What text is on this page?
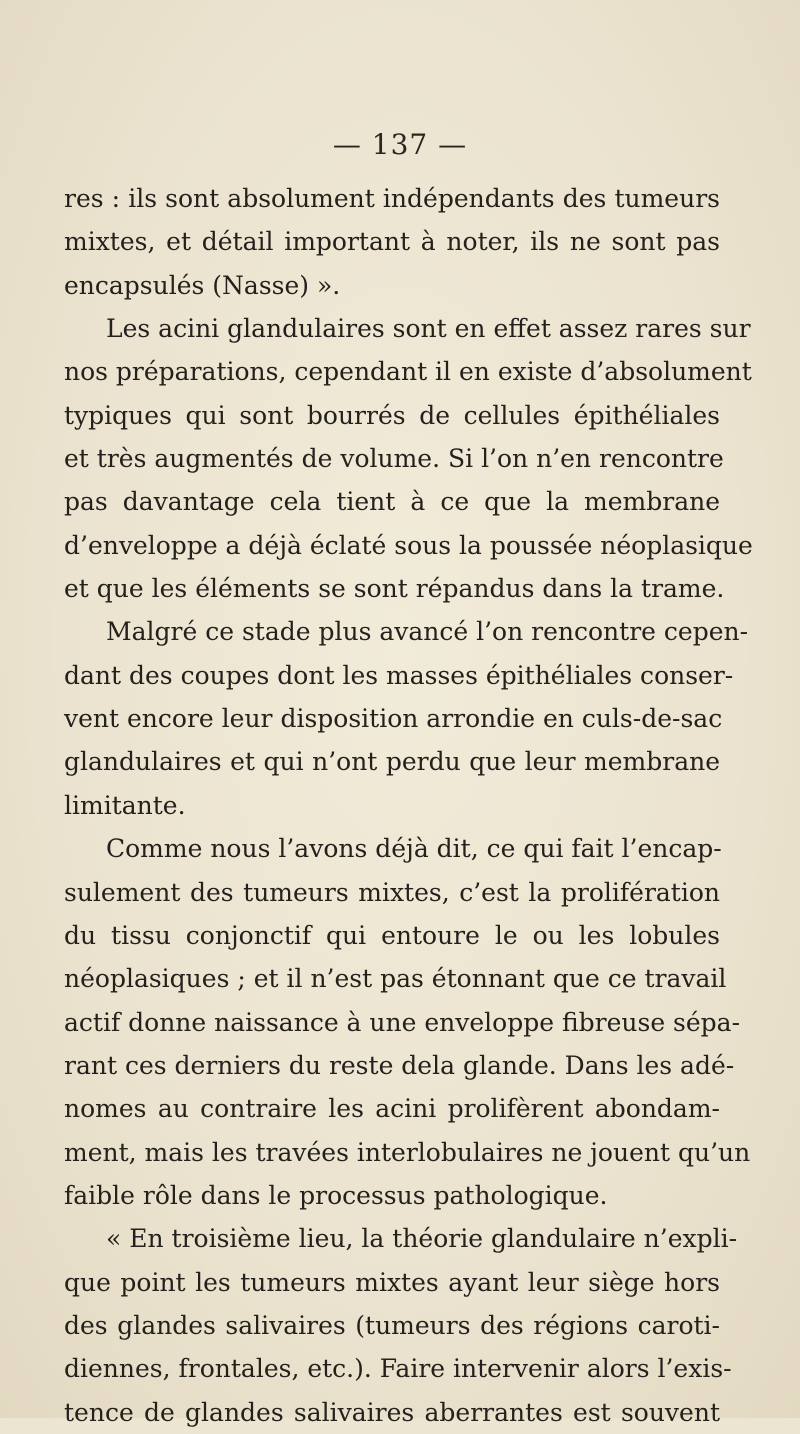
— 137 —
res : ils sont absolument indépendants des tumeurs
mixtes, et détail important à noter, ils ne sont pas
encapsulés (Nasse) ».
Les acini glandulaires sont en effet assez rares sur
nos préparations, cependant il en existe d’absolument
typiques qui sont bourrés de cellules épithéliales
et très augmentés de volume. Si l’on n’en rencontre
pas davantage cela tient à ce que la membrane
d’enveloppe a déjà éclaté sous la poussée néoplasique
et que les éléments se sont répandus dans la trame.
Malgré ce stade plus avancé l’on rencontre cepen-
dant des coupes dont les masses épithéliales conser-
vent encore leur disposition arrondie en culs-de-sac
glandulaires et qui n’ont perdu que leur membrane
limitante.
Comme nous l’avons déjà dit, ce qui fait l’encap-
sulement des tumeurs mixtes, c’est la prolifération
du tissu conjonctif qui entoure le ou les lobules
néoplasiques ; et il n’est pas étonnant que ce travail
actif donne naissance à une enveloppe fibreuse sépa-
rant ces derniers du reste dela glande. Dans les adé-
nomes au contraire les acini prolifèrent abondam-
ment, mais les travées interlobulaires ne jouent qu’un
faible rôle dans le processus pathologique.
« En troisième lieu, la théorie glandulaire n’expli-
que point les tumeurs mixtes ayant leur siège hors
des glandes salivaires (tumeurs des régions caroti-
diennes, frontales, etc.). Faire intervenir alors l’exis-
tence de glandes salivaires aberrantes est souvent
